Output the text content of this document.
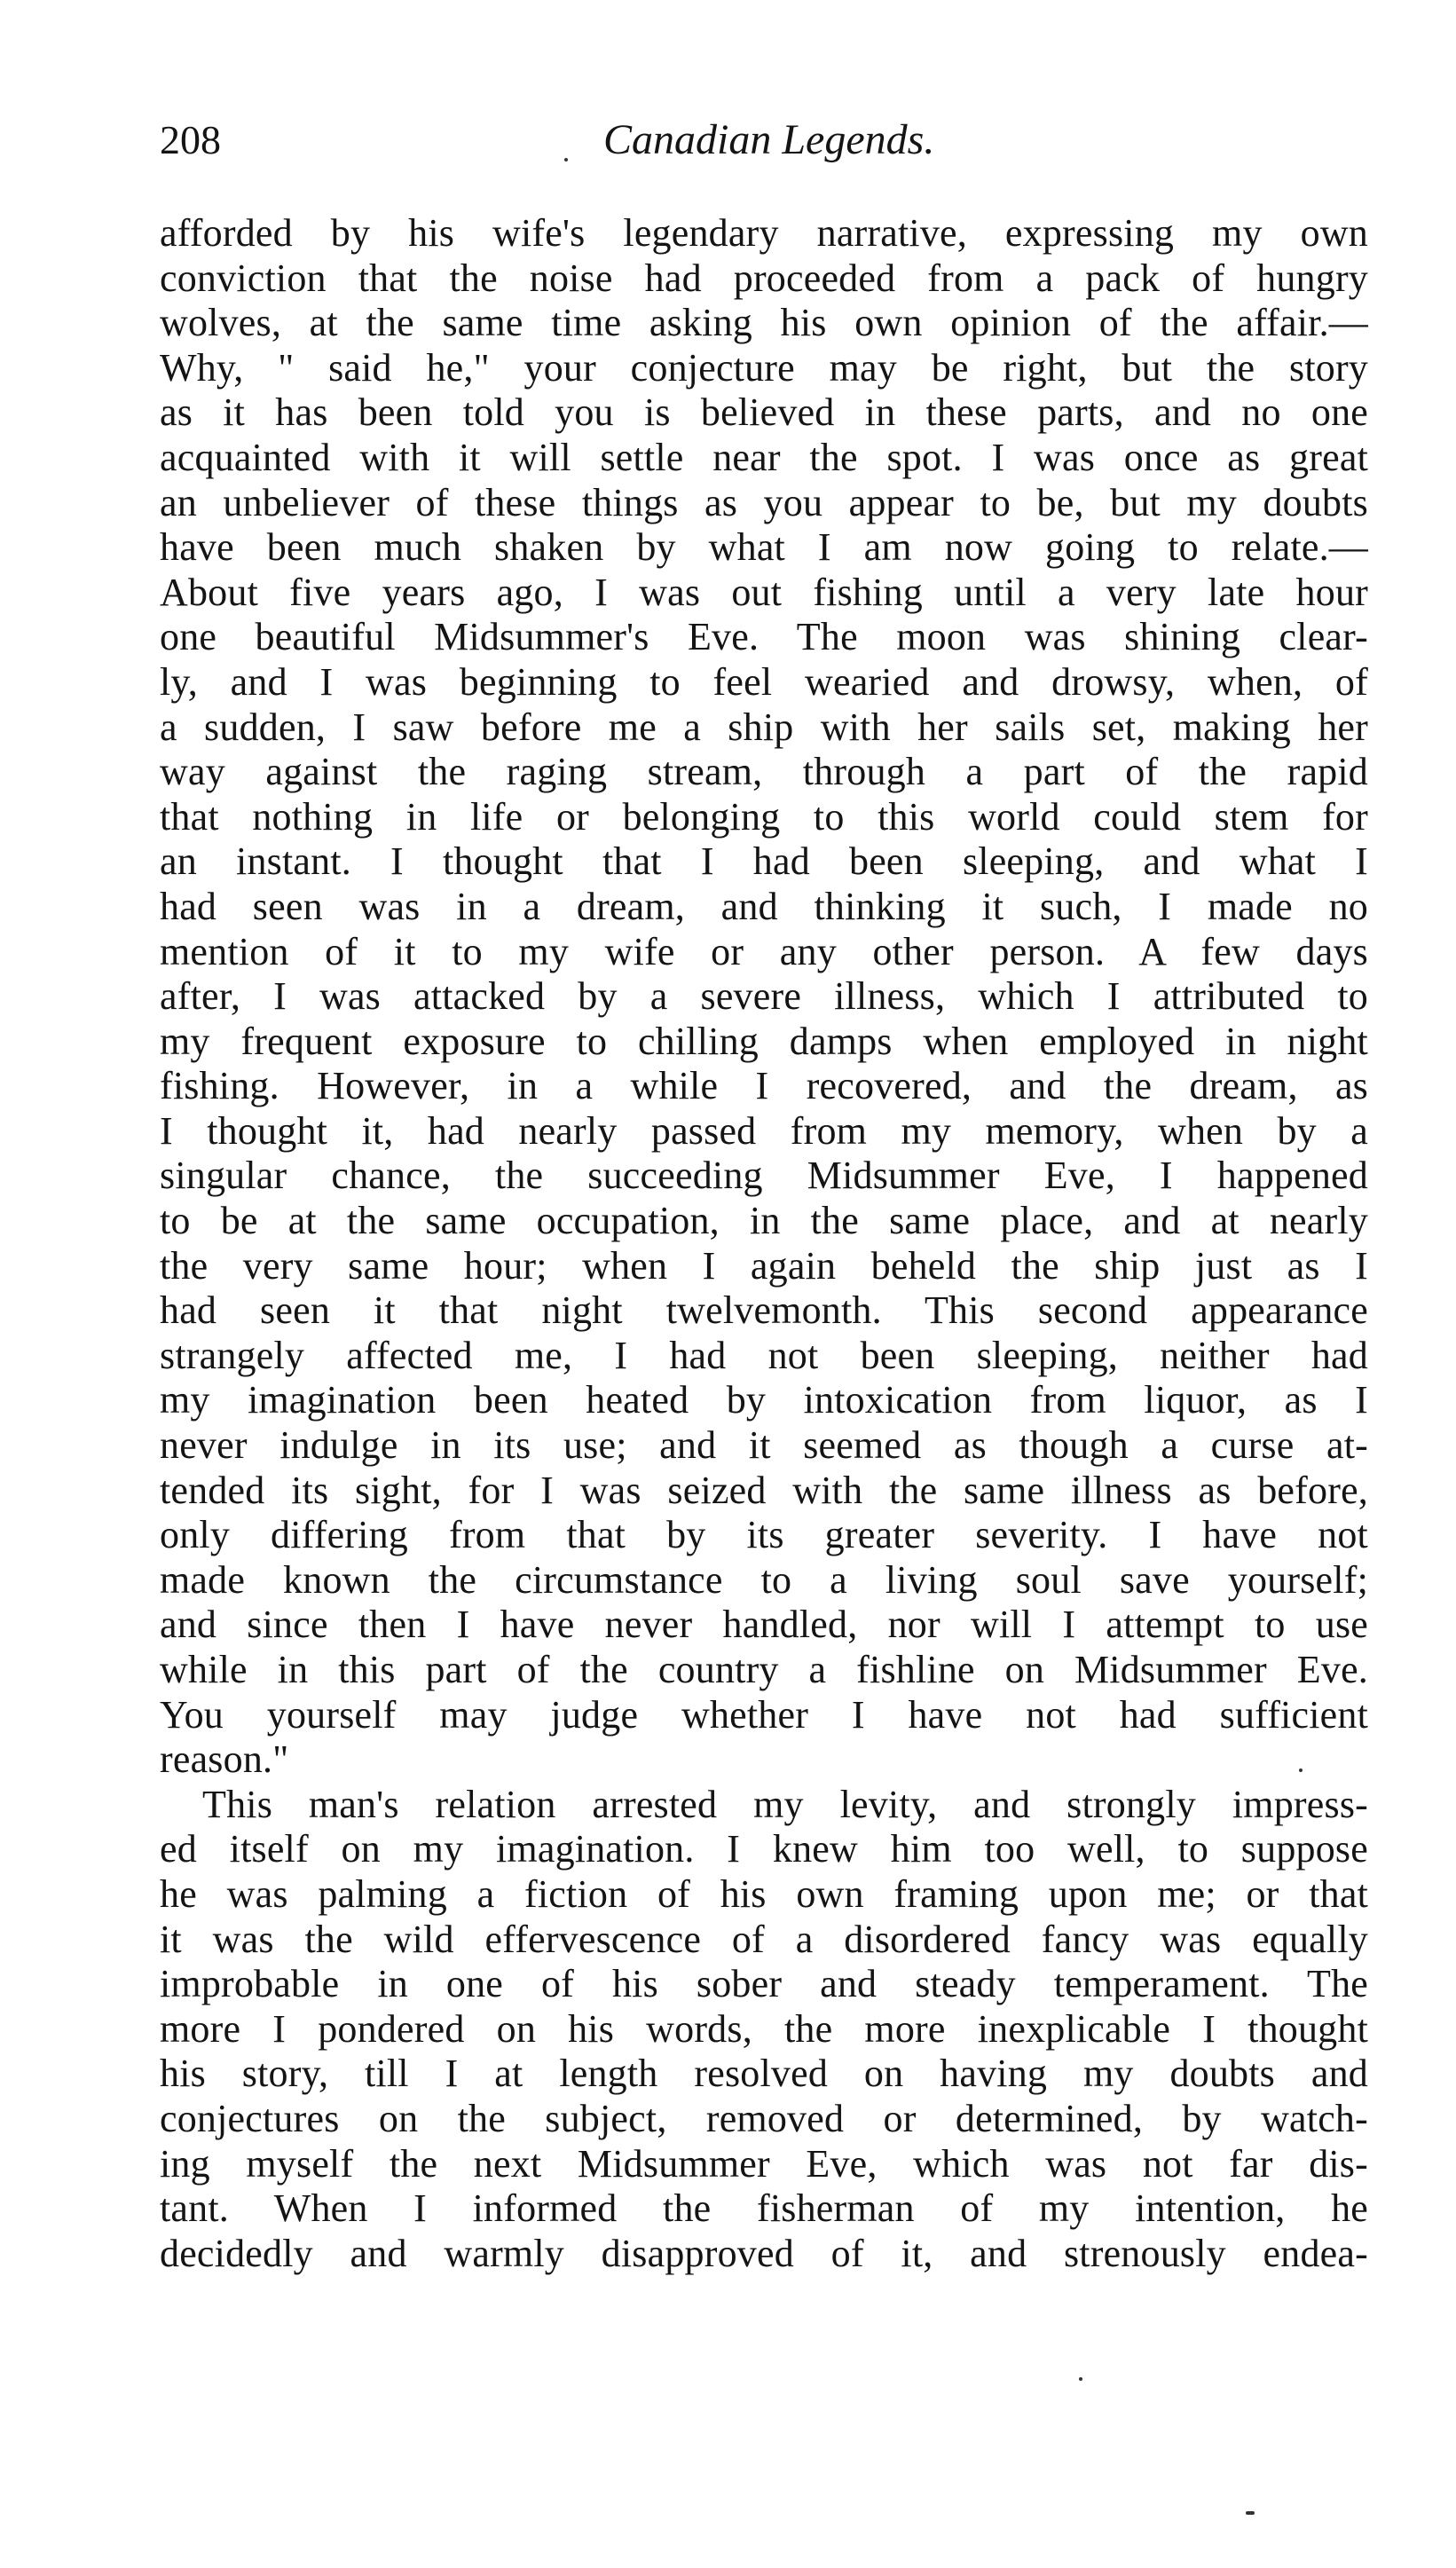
208	Canadian Legends.
afforded by his wife's legendary narrative, expressing my own
conviction that the noise had proceeded from a pack of hungry
wolves, at the same time asking his own opinion of the affair.—
Why, " said he," your conjecture may be right, but the story
as it has been told you is believed in these parts, and no one
acquainted with it will settle near the spot. I was once as great
an unbeliever of these things as you appear to be, but my doubts
have been much shaken by what I am now going to relate.—
About five years ago, I was out fishing until a very late hour
one beautiful Midsummer's Eve. The moon was shining clear-
ly, and I was beginning to feel wearied and drowsy, when, of
a sudden, I saw before me a ship with her sails set, making her
way against the raging stream, through a part of the rapid
that nothing in life or belonging to this world could stem for
an instant. I thought that I had been sleeping, and what I
had seen was in a dream, and thinking it such, I made no
mention of it to my wife or any other person. A few days
after, I was attacked by a severe illness, which I attributed to
my frequent exposure to chilling damps when employed in night
fishing. However, in a while I recovered, and the dream, as
I thought it, had nearly passed from my memory, when by a
singular chance, the succeeding Midsummer Eve, I happened
to be at the same occupation, in the same place, and at nearly
the very same hour; when I again beheld the ship just as I
had seen it that night twelvemonth. This second appearance
strangely affected me, I had not been sleeping, neither had
my imagination been heated by intoxication from liquor, as I
never indulge in its use; and it seemed as though a curse at-
tended its sight, for I was seized with the same illness as before,
only differing from that by its greater severity. I have not
made known the circumstance to a living soul save yourself;
and since then I have never handled, nor will I attempt to use
while in this part of the country a fishline on Midsummer Eve.
You yourself may judge whether I have not had sufficient
reason."
This man's relation arrested my levity, and strongly impress-
ed itself on my imagination. I knew him too well, to suppose
he was palming a fiction of his own framing upon me; or that
it was the wild effervescence of a disordered fancy was equally
improbable in one of his sober and steady temperament. The
more I pondered on his words, the more inexplicable I thought
his story, till I at length resolved on having my doubts and
conjectures on the subject, removed or determined, by watch-
ing myself the next Midsummer Eve, which was not far dis-
tant. When I informed the fisherman of my intention, he
decidedly and warmly disapproved of it, and strenously endea-
